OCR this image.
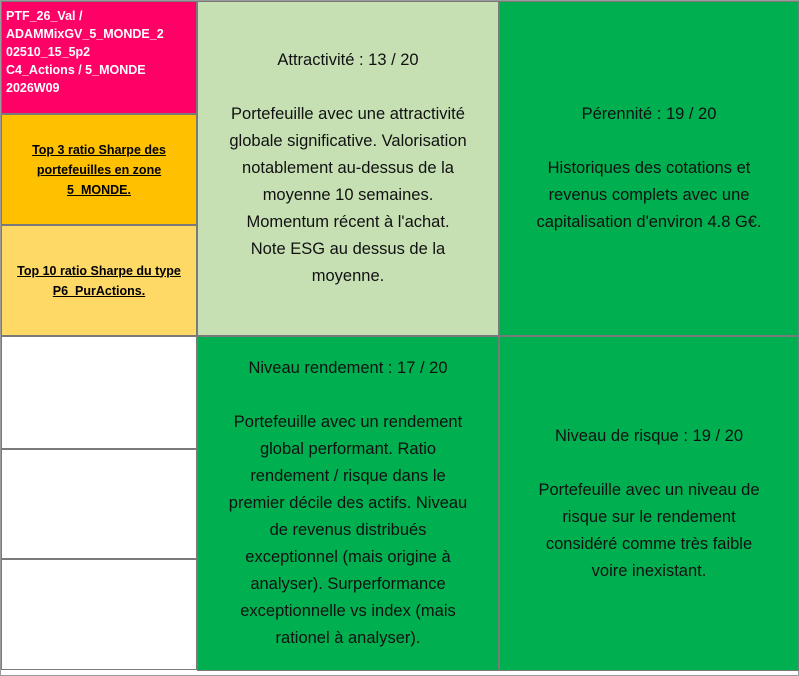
PTF_26_Val /
ADAMMixGV_5_MONDE_2
02510_15_5p2
C4_Actions / 5_MONDE
2026W09
Top 3 ratio Sharpe des portefeuilles en zone 5_MONDE.
Top 10 ratio Sharpe du type P6_PurActions.
Attractivité : 13 / 20
Portefeuille avec une attractivité
globale significative. Valorisation
notablement au-dessus de la
moyenne 10 semaines.
Momentum récent à l'achat.
Note ESG au dessus de la
moyenne.
Pérennité : 19 / 20
Historiques des cotations et
revenus complets avec une
capitalisation d'environ 4.8 G€.
Niveau rendement : 17 / 20
Portefeuille avec un rendement
global performant. Ratio
rendement / risque dans le
premier décile des actifs. Niveau
de revenus distribués
exceptionnel (mais origine à
analyser). Surperformance
exceptionnelle vs index (mais
rationel à analyser).
Niveau de risque : 19 / 20
Portefeuille avec un niveau de
risque sur le rendement
considéré comme très faible
voire inexistant.
